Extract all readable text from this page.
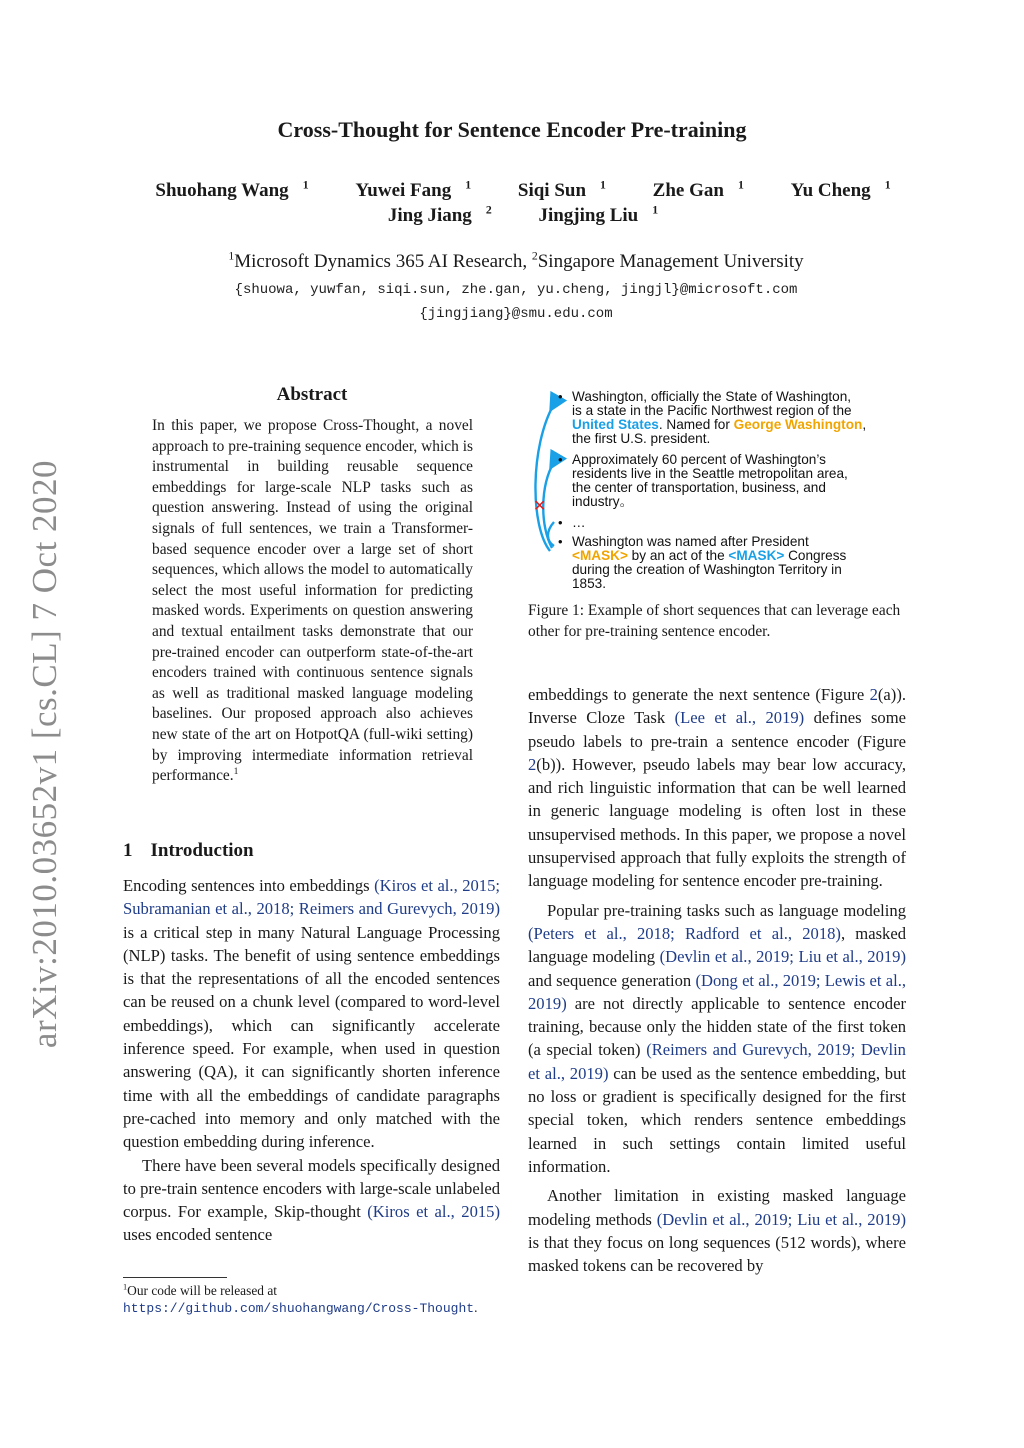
Cross-Thought for Sentence Encoder Pre-training
Shuohang Wang $^1$ Yuwei Fang $^1$ Siqi Sun $^1$ Zhe Gan $^1$ Yu Cheng $^1$
Jing Jiang $^2$ Jingjing Liu $^1$
$^1$Microsoft Dynamics 365 AI Research, $^2$Singapore Management University
{shuowa, yuwfan, siqi.sun, zhe.gan, yu.cheng, jingjl}@microsoft.com
{jingjiang}@smu.edu.com
arXiv:2010.03652v1 [cs.CL] 7 Oct 2020
Abstract
In this paper, we propose Cross-Thought, a novel approach to pre-training sequence encoder, which is instrumental in building reusable sequence embeddings for large-scale NLP tasks such as question answering. Instead of using the original signals of full sentences, we train a Transformer-based sequence encoder over a large set of short sequences, which allows the model to automatically select the most useful information for predicting masked words. Experiments on question answering and textual entailment tasks demonstrate that our pre-trained encoder can outperform state-of-the-art encoders trained with continuous sentence signals as well as traditional masked language modeling baselines. Our proposed approach also achieves new state of the art on HotpotQA (full-wiki setting) by improving intermediate information retrieval performance.$^1$
1 Introduction

Encoding sentences into embeddings (Kiros et al., 2015; Subramanian et al., 2018; Reimers and Gurevych, 2019) is a critical step in many Natural Language Processing (NLP) tasks. The benefit of using sentence embeddings is that the representations of all the encoded sentences can be reused on a chunk level (compared to word-level embeddings), which can significantly accelerate inference speed. For example, when used in question answering (QA), it can significantly shorten inference time with all the embeddings of candidate paragraphs pre-cached into memory and only matched with the question embedding during inference.

There have been several models specifically designed to pre-train sentence encoders with large-scale unlabeled corpus. For example, Skip-thought (Kiros et al., 2015) uses encoded sentence

$^1$Our code will be released at https://github.com/shuohangwang/Cross-Thought.
✕
• Washington, officially the State of Washington,
is a state in the Pacific Northwest region of the
United States. Named for George Washington,
the first U.S. president.
• Approximately 60 percent of Washington’s
residents live in the Seattle metropolitan area,
the center of transportation, business, and
industry。
• …
• Washington was named after President
<MASK> by an act of the <MASK> Congress
during the creation of Washington Territory in
1853.
Figure 1: Example of short sequences that can leverage each other for pre-training sentence encoder.

embeddings to generate the next sentence (Figure 2(a)). Inverse Cloze Task (Lee et al., 2019) defines some pseudo labels to pre-train a sentence encoder (Figure 2(b)). However, pseudo labels may bear low accuracy, and rich linguistic information that can be well learned in generic language modeling is often lost in these unsupervised methods. In this paper, we propose a novel unsupervised approach that fully exploits the strength of language modeling for sentence encoder pre-training.

Popular pre-training tasks such as language modeling (Peters et al., 2018; Radford et al., 2018), masked language modeling (Devlin et al., 2019; Liu et al., 2019) and sequence generation (Dong et al., 2019; Lewis et al., 2019) are not directly applicable to sentence encoder training, because only the hidden state of the first token (a special token) (Reimers and Gurevych, 2019; Devlin et al., 2019) can be used as the sentence embedding, but no loss or gradient is specifically designed for the first special token, which renders sentence embeddings learned in such settings contain limited useful information.

Another limitation in existing masked language modeling methods (Devlin et al., 2019; Liu et al., 2019) is that they focus on long sequences (512 words), where masked tokens can be recovered by
